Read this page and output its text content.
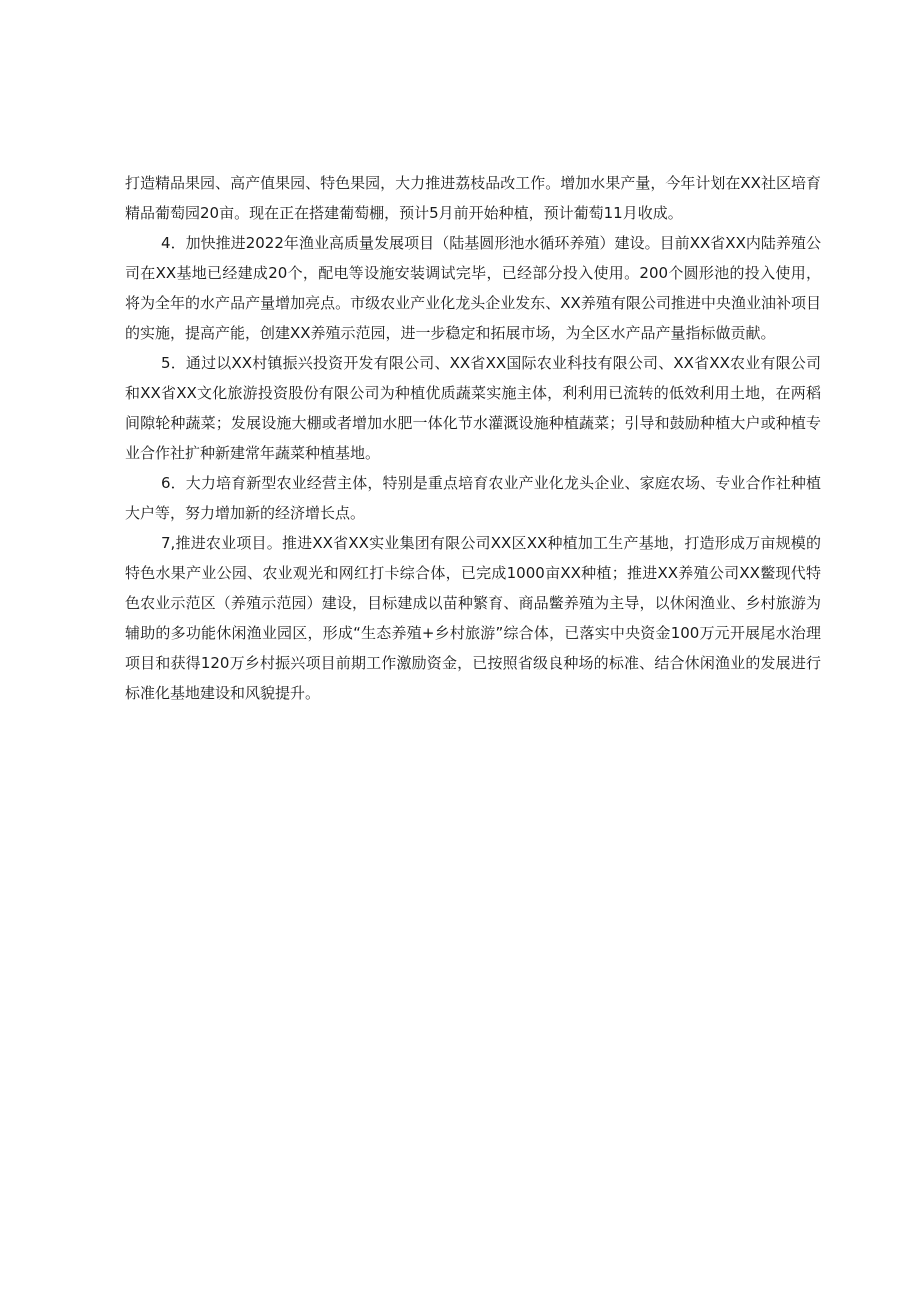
打造精品果园、高产值果园、特色果园，大力推进荔枝品改工作。增加水果产量，今年计划在XX社区培育精品葡萄园20亩。现在正在搭建葡萄棚，预计5月前开始种植，预计葡萄11月收成。

4．加快推进2022年渔业高质量发展项目（陆基圆形池水循环养殖）建设。目前XX省XX内陆养殖公司在XX基地已经建成20个，配电等设施安装调试完毕，已经部分投入使用。200个圆形池的投入使用，将为全年的水产品产量增加亮点。市级农业产业化龙头企业发东、XX养殖有限公司推进中央渔业油补项目的实施，提高产能，创建XX养殖示范园，进一步稳定和拓展市场，为全区水产品产量指标做贡献。

5．通过以XX村镇振兴投资开发有限公司、XX省XX国际农业科技有限公司、XX省XX农业有限公司和XX省XX文化旅游投资股份有限公司为种植优质蔬菜实施主体，利利用已流转的低效利用土地，在两稻间隙轮种蔬菜；发展设施大棚或者增加水肥一体化节水灌溉设施种植蔬菜；引导和鼓励种植大户或种植专业合作社扩种新建常年蔬菜种植基地。

6．大力培育新型农业经营主体，特别是重点培育农业产业化龙头企业、家庭农场、专业合作社种植大户等，努力增加新的经济增长点。

7,推进农业项目。推进XX省XX实业集团有限公司XX区XX种植加工生产基地，打造形成万亩规模的特色水果产业公园、农业观光和网红打卡综合体，已完成1000亩XX种植；推进XX养殖公司XX鳖现代特色农业示范区（养殖示范园）建设，目标建成以苗种繁育、商品鳖养殖为主导，以休闲渔业、乡村旅游为辅助的多功能休闲渔业园区，形成“生态养殖+乡村旅游”综合体，已落实中央资金100万元开展尾水治理项目和获得120万乡村振兴项目前期工作激励资金，已按照省级良种场的标准、结合休闲渔业的发展进行标准化基地建设和风貌提升。
